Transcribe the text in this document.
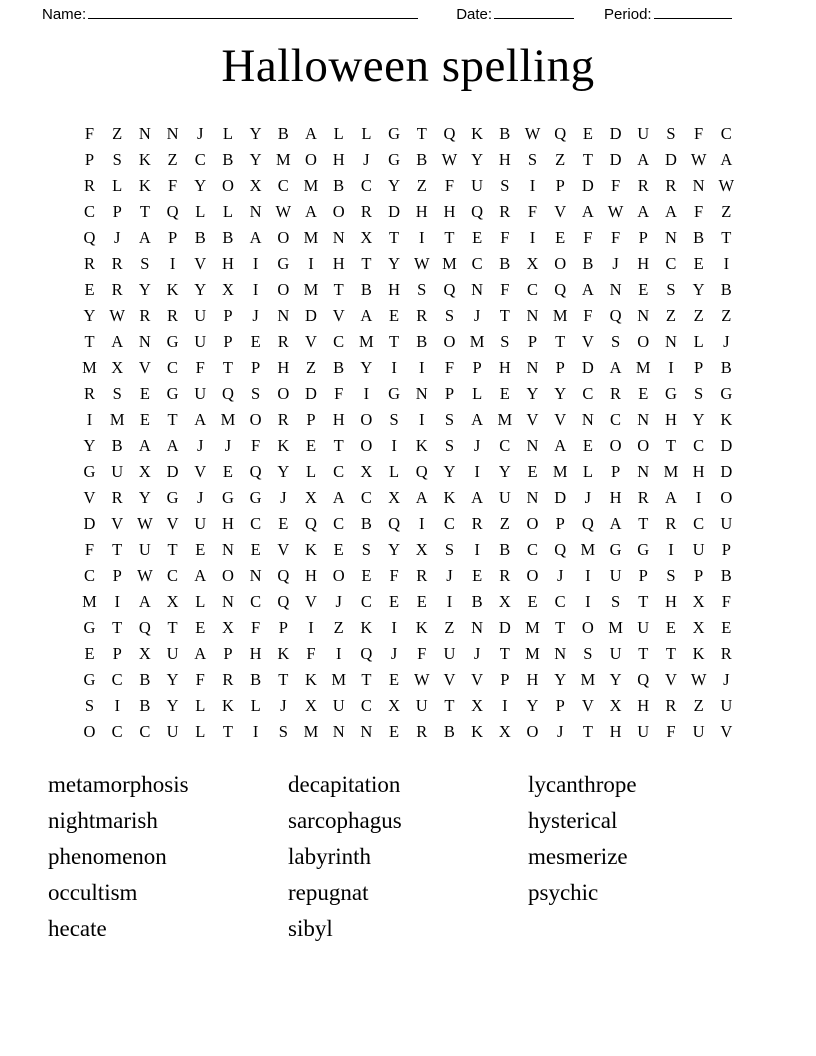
Name:	Date:	Period:
Halloween spelling
F	Z	N N	J	L	Y B A	L	L	G	T	Q K B W Q	E	D U	S	F	C
P	S	K	Z	C	B Y M O H	J	G B W Y H	S	Z	T	D A D W A
R	L	K	F	Y O X C M B	C Y	Z	F	U	S	I	P	D	F	R	R N W
C	P	T	Q	L	L	N W A O R D H H Q R	F	V A W A A	F	Z
Q	J	A	P	B	B A O M N X	T	I	T	E	F	I	E	F	F	P	N B	T
R	R	S	I	V H	I	G	I	H	T	Y W M C	B X O B	J	H C	E	I
E	R Y K Y X	I	O M T	B H	S	Q N	F	C Q A N	E	S	Y B
Y W R	R U	P	J	N D V A	E	R	S	J	T	N M F	Q N	Z	Z	Z
T	A N G U	P	E	R V C M T	B O M S	P	T	V	S	O N	L	J
M X V C	F	T	P	H	Z	B Y	I	I	F	P	H N	P	D A M	I	P	B
R	S	E	G U Q	S	O D	F	I	G N	P	L	E	Y Y C	R	E	G	S	G
I	M E	T	A M O R	P	H O	S	I	S	A M V V N C N H Y K
Y B A A	J	J	F	K	E	T	O	I	K	S	J	C N A	E	O O	T	C D
G U X D V	E	Q Y	L	C X	L	Q Y	I	Y	E M L	P	N M H D
V R Y G	J	G G	J	X A C X A K A U N D	J	H R A	I	O
D V W V U H C	E	Q C	B Q	I	C	R	Z	O	P	Q A	T	R	C U
F	T	U	T	E	N	E	V K	E	S	Y X	S	I	B	C Q M G G	I	U	P
C	P W C A O N Q H O	E	F	R	J	E	R O	J	I	U	P	S	P	B
M	I	A X	L	N C Q V	J	C	E	E	I	B X	E	C	I	S	T	H X	F
G	T	Q	T	E	X	F	P	I	Z	K	I	K	Z	N D M T	O M U	E	X	E
E	P	X U A	P	H K	F	I	Q	J	F	U	J	T M N	S	U	T	T	K R
G C	B Y	F	R	B	T	K M T	E W V V	P	H Y M Y Q V W	J
S	I	B Y	L	K	L	J	X U C X U	T	X	I	Y	P	V X H R	Z	U
O C	C U	L	T	I	S M N N	E	R	B K X O	J	T	H U	F	U V
metamorphosis
nightmarish
phenomenon
occultism
hecate
decapitation
sarcophagus
labyrinth
repugnat
sibyl
lycanthrope
hysterical
mesmerize
psychic
